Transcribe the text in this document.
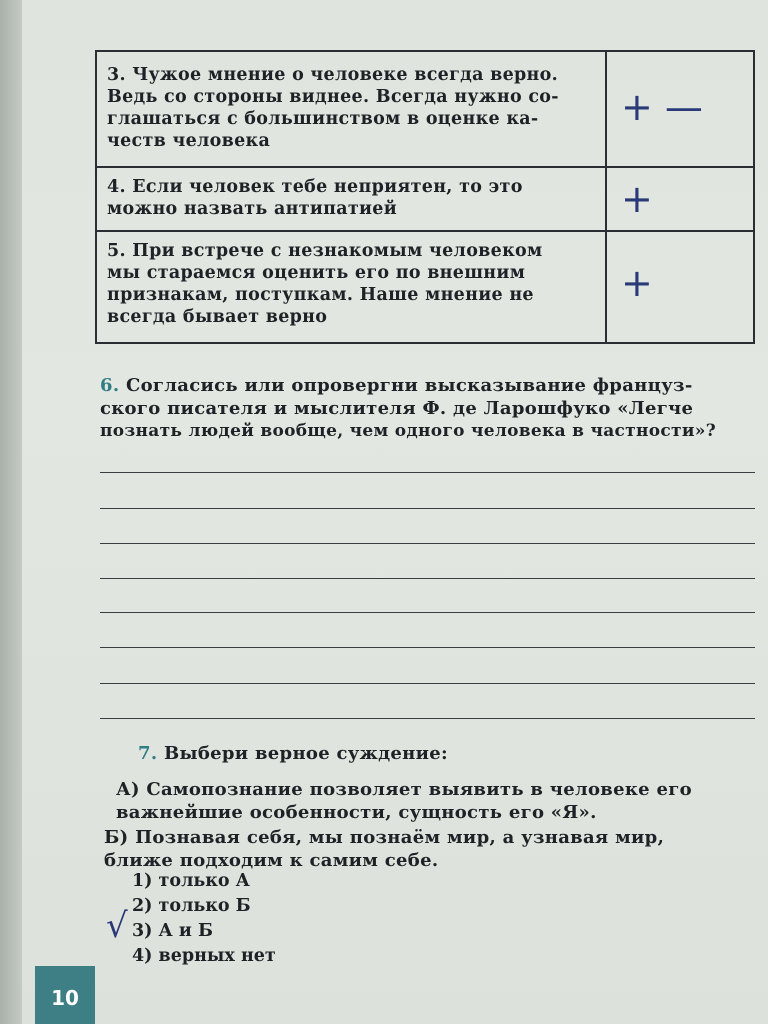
3. Чужое мнение о человеке всегда верно.
Ведь со стороны виднее. Всегда нужно со-
глашаться с большинством в оценке ка-
честв человека
+ —
4. Если человек тебе неприятен, то это
можно назвать антипатией	+
5. При встрече с незнакомым человеком
мы стараемся оценить его по внешним
признакам, поступкам. Наше мнение не
всегда бывает верно
+
6. Согласись или опровергни высказывание француз-
ского писателя и мыслителя Ф. де Ларошфуко «Легче
познать людей вообще, чем одного человека в частности»?
7. Выбери верное суждение:
А) Самопознание позволяет выявить в человеке его
важнейшие особенности, сущность его «Я».
Б) Познавая себя, мы познаём мир, а узнавая мир,
ближе подходим к самим себе.
1) только А
2) только Б
3) А и Б
4) верных нет
√
10
